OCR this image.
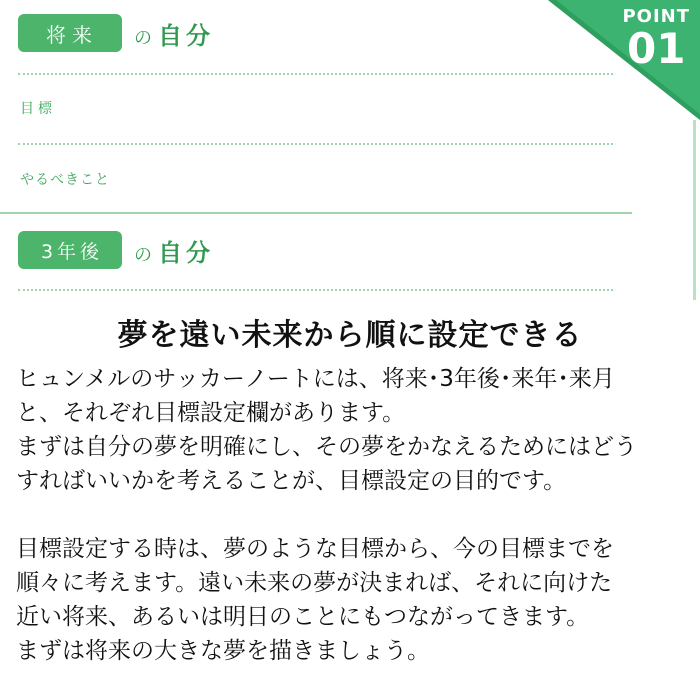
将来	の 自分
目標
やるべきこと
3年後	の 自分
POINT
01
夢を遠い未来から順に設定できる

ヒュンメルのサッカーノートには、将来･3年後･来年･来月

と、それぞれ目標設定欄があります。

まずは自分の夢を明確にし、その夢をかなえるためにはどう

すればいいかを考えることが、目標設定の目的です。

目標設定する時は、夢のような目標から、今の目標までを

順々に考えます。遠い未来の夢が決まれば、それに向けた

近い将来、あるいは明日のことにもつながってきます。

まずは将来の大きな夢を描きましょう。
